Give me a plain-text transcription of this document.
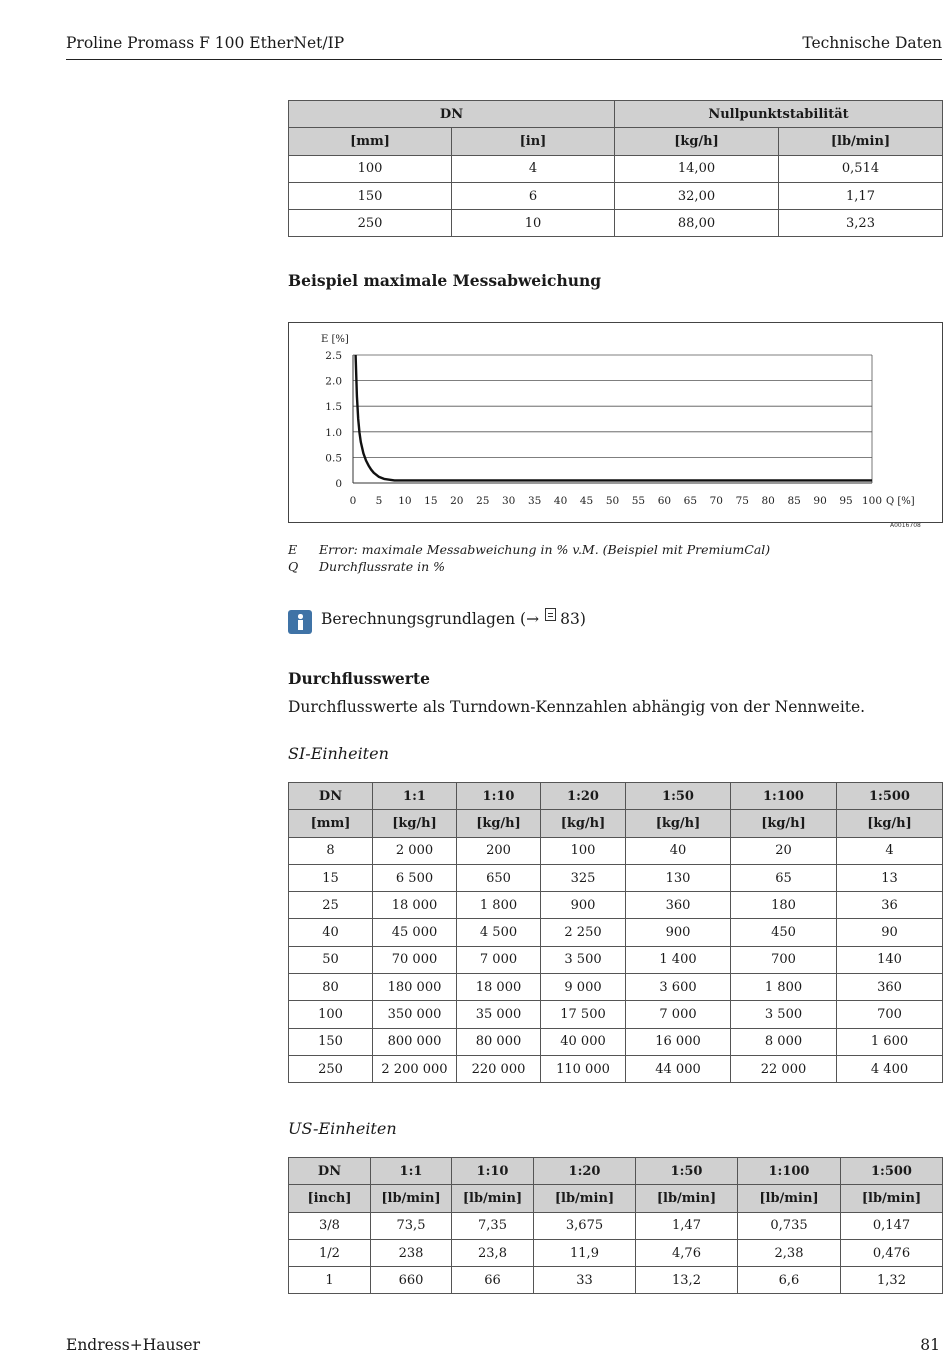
Proline Promass F 100 EtherNet/IP	Technische Daten
DN		Nullpunktstabilität	
[mm]	[in]	[kg/h]	[lb/min]
100	4	14,00	0,514
150	6	32,00	1,17
250	10	88,00	3,23
Beispiel maximale Messabweichung
0
0.5
1.0
1.5
2.0
2.5
0 5 10 15 20 25 30 35 40 45 50 55 60 65 70 75 80 85 90 95 100
E [%]
Q [%]
A0016708
E Error: maximale Messabweichung in % v.M. (Beispiel mit PremiumCal)
Q Durchflussrate in %
Berechnungsgrundlagen (→ 83)
Durchflusswerte
Durchflusswerte als Turndown-Kennzahlen abhängig von der Nennweite.
SI-Einheiten
DN	1:1	1:10	1:20	1:50	1:100	1:500
[mm]	[kg/h]	[kg/h]	[kg/h]	[kg/h]	[kg/h]	[kg/h]
8	2 000	200	100	40	20	4
15	6 500	650	325	130	65	13
25	18 000	1 800	900	360	180	36
40	45 000	4 500	2 250	900	450	90
50	70 000	7 000	3 500	1 400	700	140
80	180 000	18 000	9 000	3 600	1 800	360
100	350 000	35 000	17 500	7 000	3 500	700
150	800 000	80 000	40 000	16 000	8 000	1 600
250	2 200 000	220 000	110 000	44 000	22 000	4 400
US-Einheiten
DN	1:1	1:10	1:20	1:50	1:100	1:500
[inch]	[lb/min]	[lb/min]	[lb/min]	[lb/min]	[lb/min]	[lb/min]
3/8	73,5	7,35	3,675	1,47	0,735	0,147
1/2	238	23,8	11,9	4,76	2,38	0,476
1	660	66	33	13,2	6,6	1,32
Endress+Hauser	81
